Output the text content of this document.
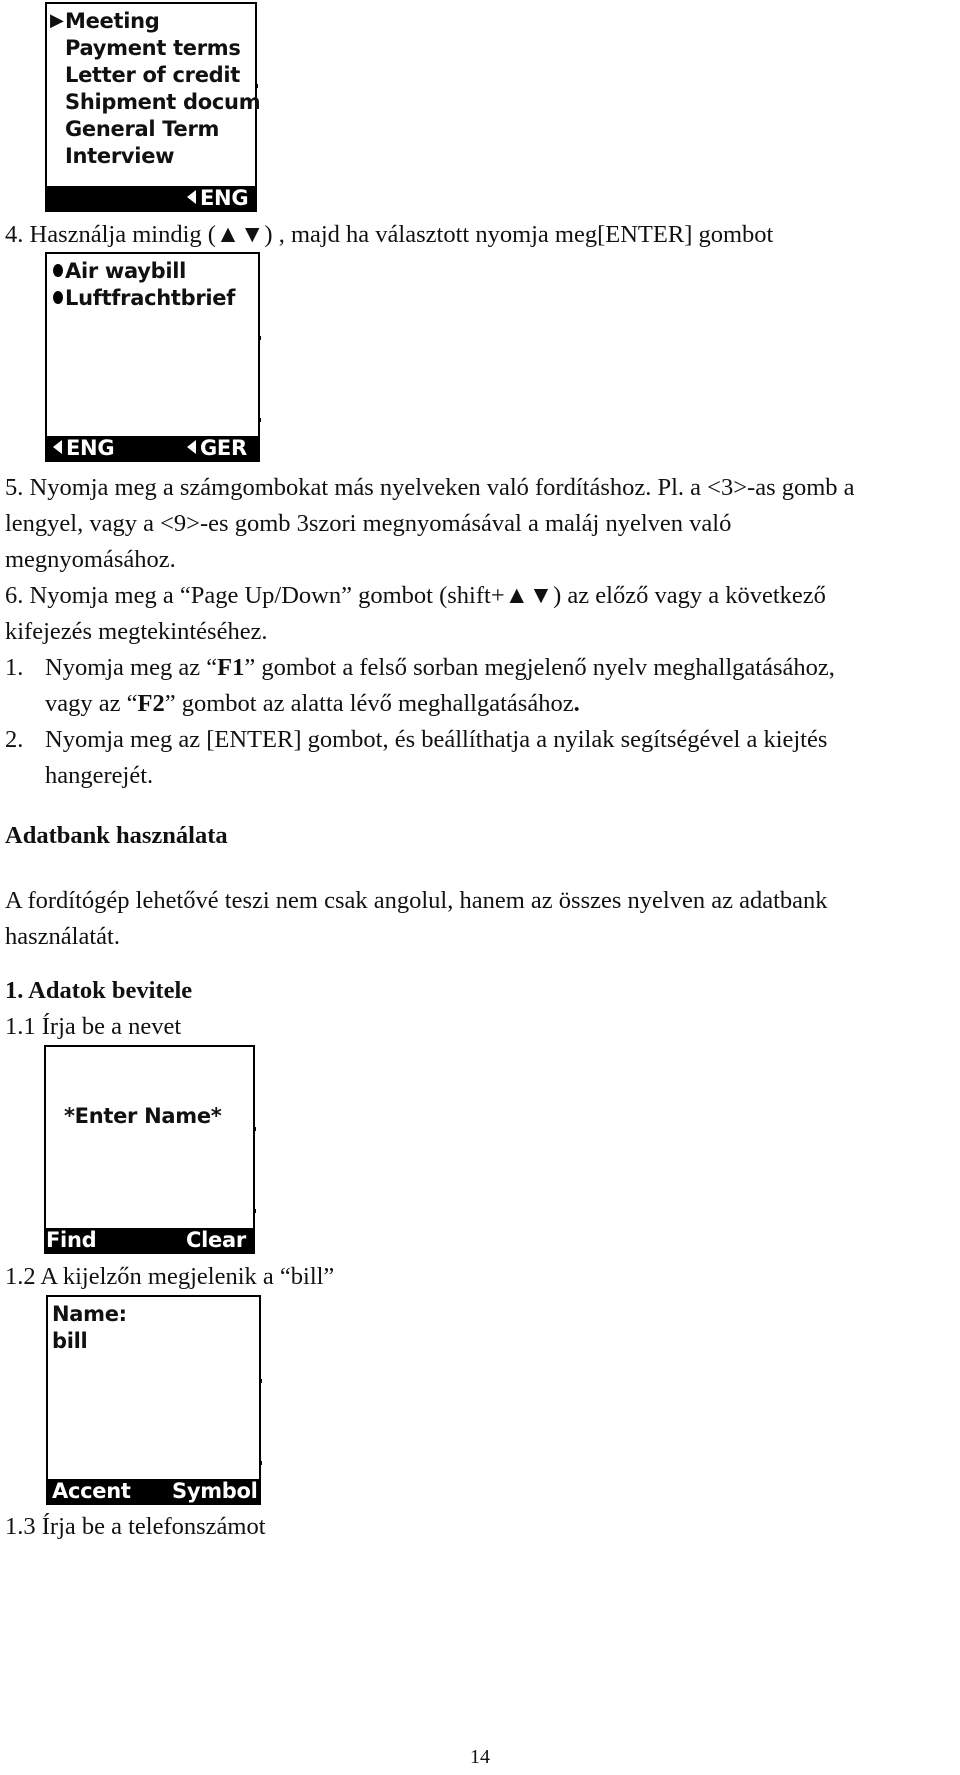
▶ Meeting
Payment terms
Letter of credit
Shipment docum
General Term
Interview
ENG
4. Használja mindig (▲▼) , majd ha választott nyomja meg[ENTER] gombot
Air waybill
Luftfrachtbrief
ENG	GER
5. Nyomja meg a számgombokat más nyelveken való fordításhoz. Pl. a <3>-as gomb a
lengyel, vagy a <9>-es gomb 3szori megnyomásával a maláj nyelven való
megnyomásához.
6. Nyomja meg a “Page Up/Down” gombot (shift+▲▼) az előző vagy a következő
kifejezés megtekintéséhez.
1. Nyomja meg az “F1” gombot a felső sorban megjelenő nyelv meghallgatásához,
vagy az “F2” gombot az alatta lévő meghallgatásához.
2. Nyomja meg az [ENTER] gombot, és beállíthatja a nyilak segítségével a kiejtés
hangerejét.
Adatbank használata
A fordítógép lehetővé teszi nem csak angolul, hanem az összes nyelven az adatbank
használatát.
1. Adatok bevitele
1.1 Írja be a nevet
*Enter Name*
Find	Clear
1.2 A kijelzőn megjelenik a “bill”
Name:
bill
Accent Symbol
1.3 Írja be a telefonszámot
14
